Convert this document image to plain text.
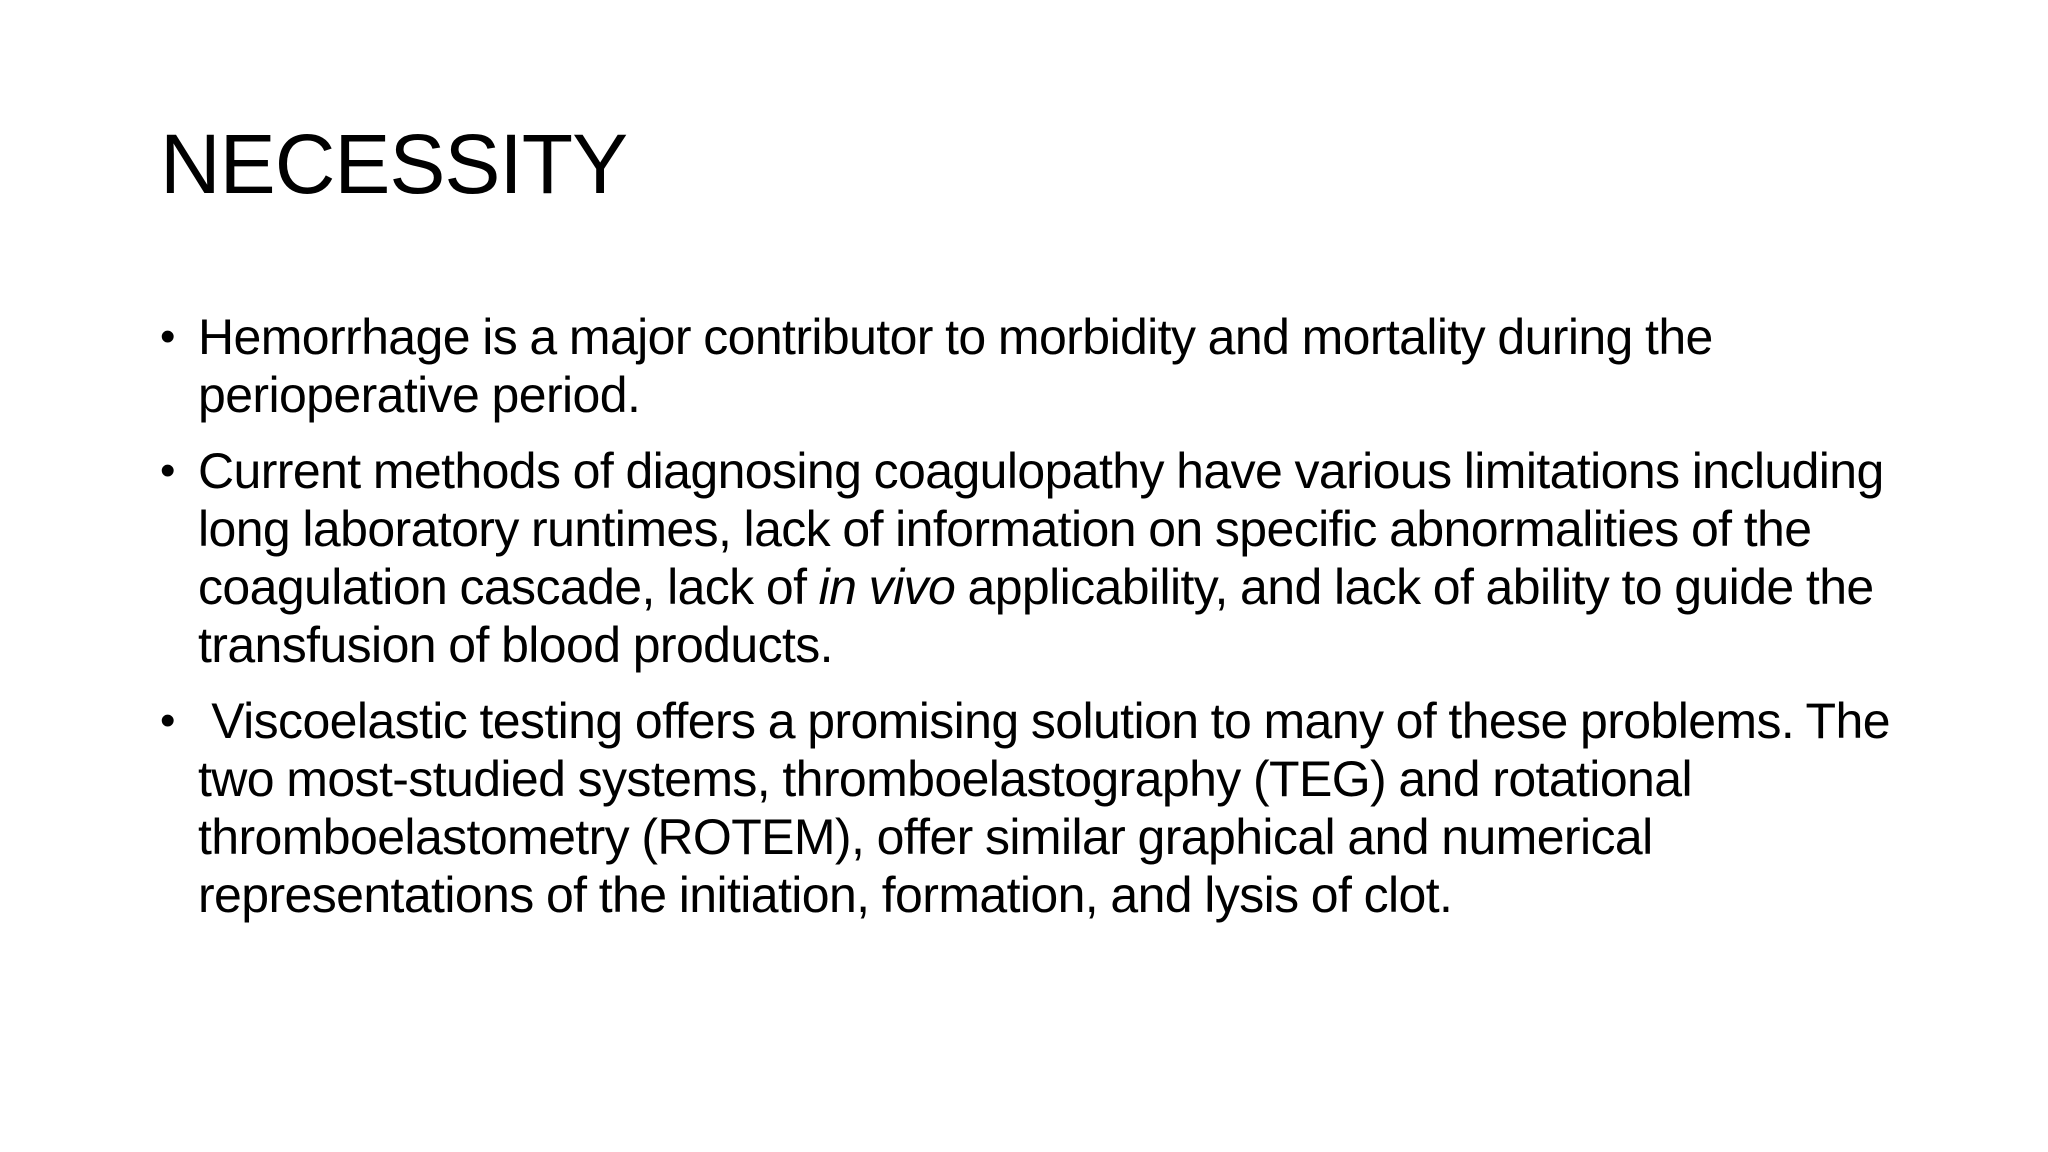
NECESSITY
• Hemorrhage is a major contributor to morbidity and mortality during the perioperative period.
• Current methods of diagnosing coagulopathy have various limitations including long laboratory runtimes, lack of information on specific abnormalities of the coagulation cascade, lack of in vivo applicability, and lack of ability to guide the transfusion of blood products.
• Viscoelastic testing offers a promising solution to many of these problems. The two most-studied systems, thromboelastography (TEG) and rotational thromboelastometry (ROTEM), offer similar graphical and numerical representations of the initiation, formation, and lysis of clot.
